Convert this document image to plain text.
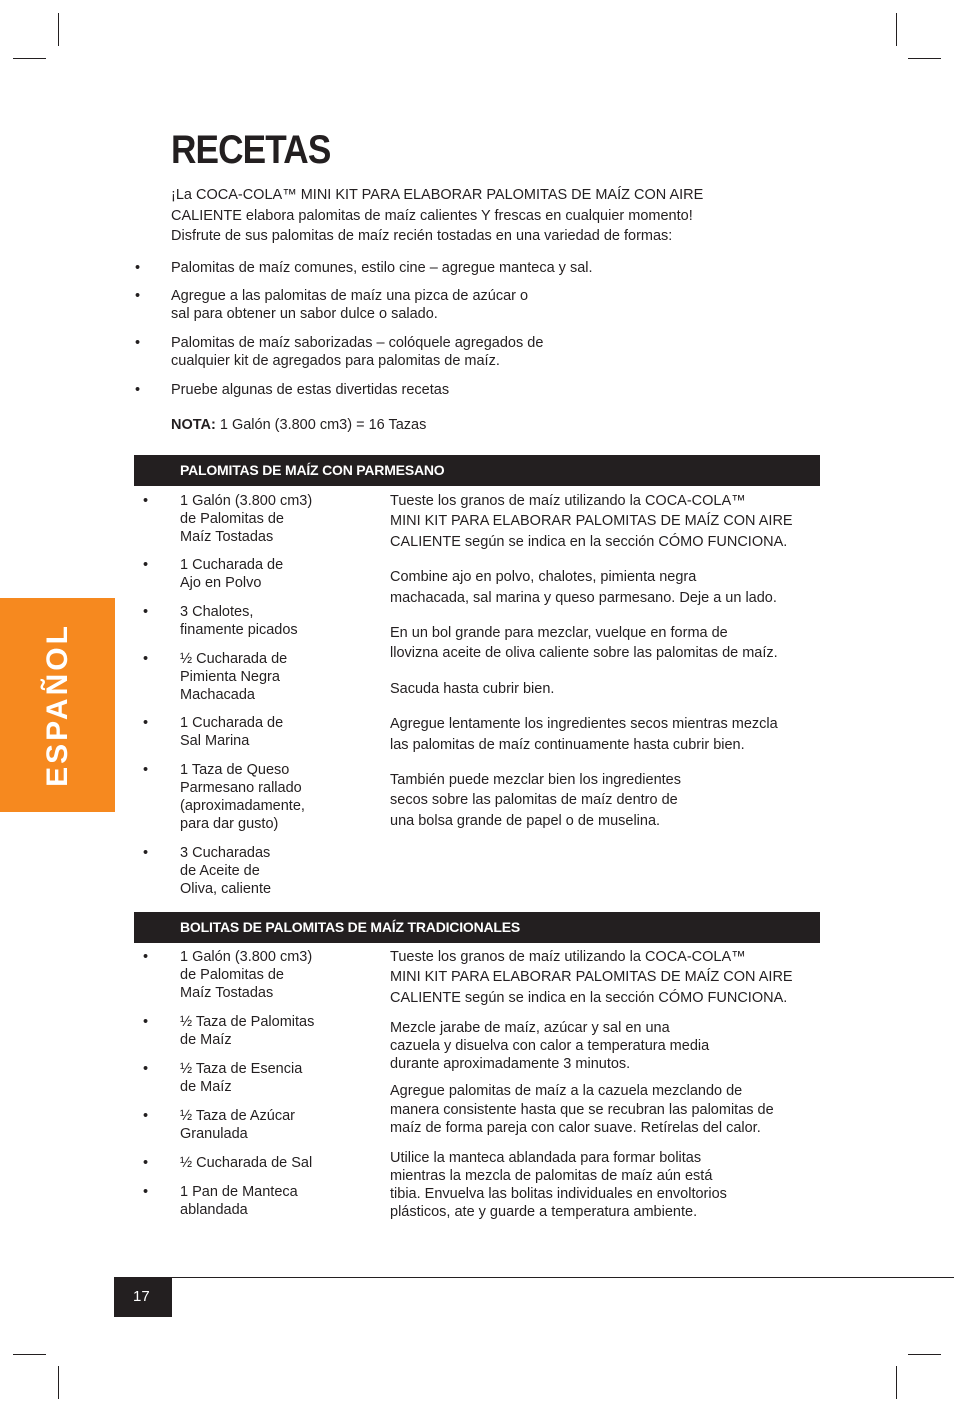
RECETAS

¡La COCA-COLA™ MINI KIT PARA ELABORAR PALOMITAS DE MAÍZ CON AIRE
CALIENTE elabora palomitas de maíz calientes Y frescas en cualquier momento!
Disfrute de sus palomitas de maíz recién tostadas en una variedad de formas:

• Palomitas de maíz comunes, estilo cine – agregue manteca y sal.
• Agregue a las palomitas de maíz una pizca de azúcar o
sal para obtener un sabor dulce o salado.
• Palomitas de maíz saborizadas – colóquele agregados de
cualquier kit de agregados para palomitas de maíz.
• Pruebe algunas de estas divertidas recetas
NOTA: 1 Galón (3.800 cm3) = 16 Tazas
PALOMITAS DE MAÍZ CON PARMESANO
• 1 Galón (3.800 cm3)
de Palomitas de
Maíz Tostadas
• 1 Cucharada de
Ajo en Polvo
• 3 Chalotes,
finamente picados
• ½ Cucharada de
Pimienta Negra
Machacada
• 1 Cucharada de
Sal Marina
• 1 Taza de Queso
Parmesano rallado
(aproximadamente,
para dar gusto)
• 3 Cucharadas
de Aceite de
Oliva, caliente

Tueste los granos de maíz utilizando la COCA-COLA™
MINI KIT PARA ELABORAR PALOMITAS DE MAÍZ CON AIRE
CALIENTE según se indica en la sección CÓMO FUNCIONA.

Combine ajo en polvo, chalotes, pimienta negra
machacada, sal marina y queso parmesano. Deje a un lado.

En un bol grande para mezclar, vuelque en forma de
llovizna aceite de oliva caliente sobre las palomitas de maíz.

Sacuda hasta cubrir bien.

Agregue lentamente los ingredientes secos mientras mezcla
las palomitas de maíz continuamente hasta cubrir bien.

También puede mezclar bien los ingredientes
secos sobre las palomitas de maíz dentro de
una bolsa grande de papel o de muselina.

BOLITAS DE PALOMITAS DE MAÍZ TRADICIONALES
• 1 Galón (3.800 cm3)
de Palomitas de
Maíz Tostadas
• ½ Taza de Palomitas
de Maíz
• ½ Taza de Esencia
de Maíz
• ½ Taza de Azúcar
Granulada
• ½ Cucharada de Sal
• 1 Pan de Manteca
ablandada

Tueste los granos de maíz utilizando la COCA-COLA™
MINI KIT PARA ELABORAR PALOMITAS DE MAÍZ CON AIRE
CALIENTE según se indica en la sección CÓMO FUNCIONA.

Mezcle jarabe de maíz, azúcar y sal en una
cazuela y disuelva con calor a temperatura media
durante aproximadamente 3 minutos.

Agregue palomitas de maíz a la cazuela mezclando de
manera consistente hasta que se recubran las palomitas de
maíz de forma pareja con calor suave. Retírelas del calor.

Utilice la manteca ablandada para formar bolitas
mientras la mezcla de palomitas de maíz aún está
tibia. Envuelva las bolitas individuales en envoltorios
plásticos, ate y guarde a temperatura ambiente.

ESPAÑOL
17
